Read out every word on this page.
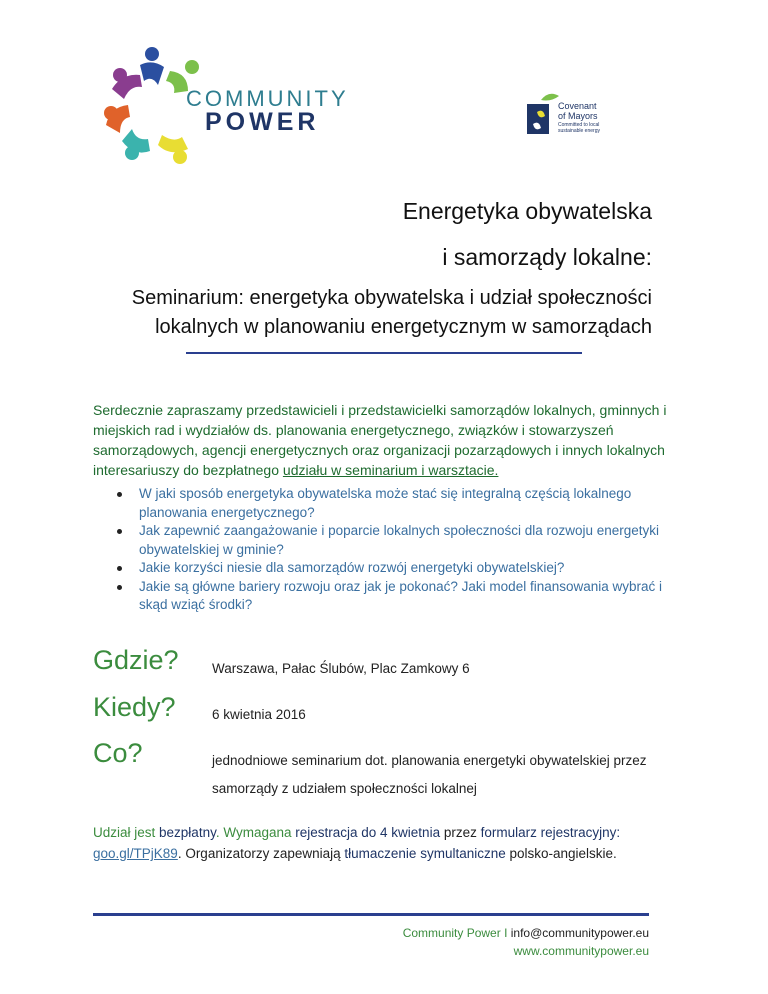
COMMUNITY
POWER
Covenant
of Mayors
Committed to local sustainable energy
Energetyka obywatelska
i samorządy lokalne:
Seminarium: energetyka obywatelska i udział społeczności lokalnych w planowaniu energetycznym w samorządach
Serdecznie zapraszamy przedstawicieli i przedstawicielki samorządów lokalnych, gminnych i miejskich rad i wydziałów ds. planowania energetycznego, związków i stowarzyszeń samorządowych, agencji energetycznych oraz organizacji pozarządowych i innych lokalnych interesariuszy do bezpłatnego udziału w seminarium i warsztacie.
W jaki sposób energetyka obywatelska może stać się integralną częścią lokalnego planowania energetycznego?
Jak zapewnić zaangażowanie i poparcie lokalnych społeczności dla rozwoju energetyki obywatelskiej w gminie?
Jakie korzyści niesie dla samorządów rozwój energetyki obywatelskiej?
Jakie są główne bariery rozwoju oraz jak je pokonać? Jaki model finansowania wybrać i skąd wziąć środki?
Gdzie? Warszawa, Pałac Ślubów, Plac Zamkowy 6
Kiedy?	6 kwietnia 2016
Co?	jednodniowe seminarium dot. planowania energetyki obywatelskiej przez samorządy z udziałem społeczności lokalnej
Udział jest bezpłatny. Wymagana rejestracja do 4 kwietnia przez formularz rejestracyjny: goo.gl/TPjK89. Organizatorzy zapewniają tłumaczenie symultaniczne polsko-angielskie.
Community Power I info@communitypower.eu
www.communitypower.eu
